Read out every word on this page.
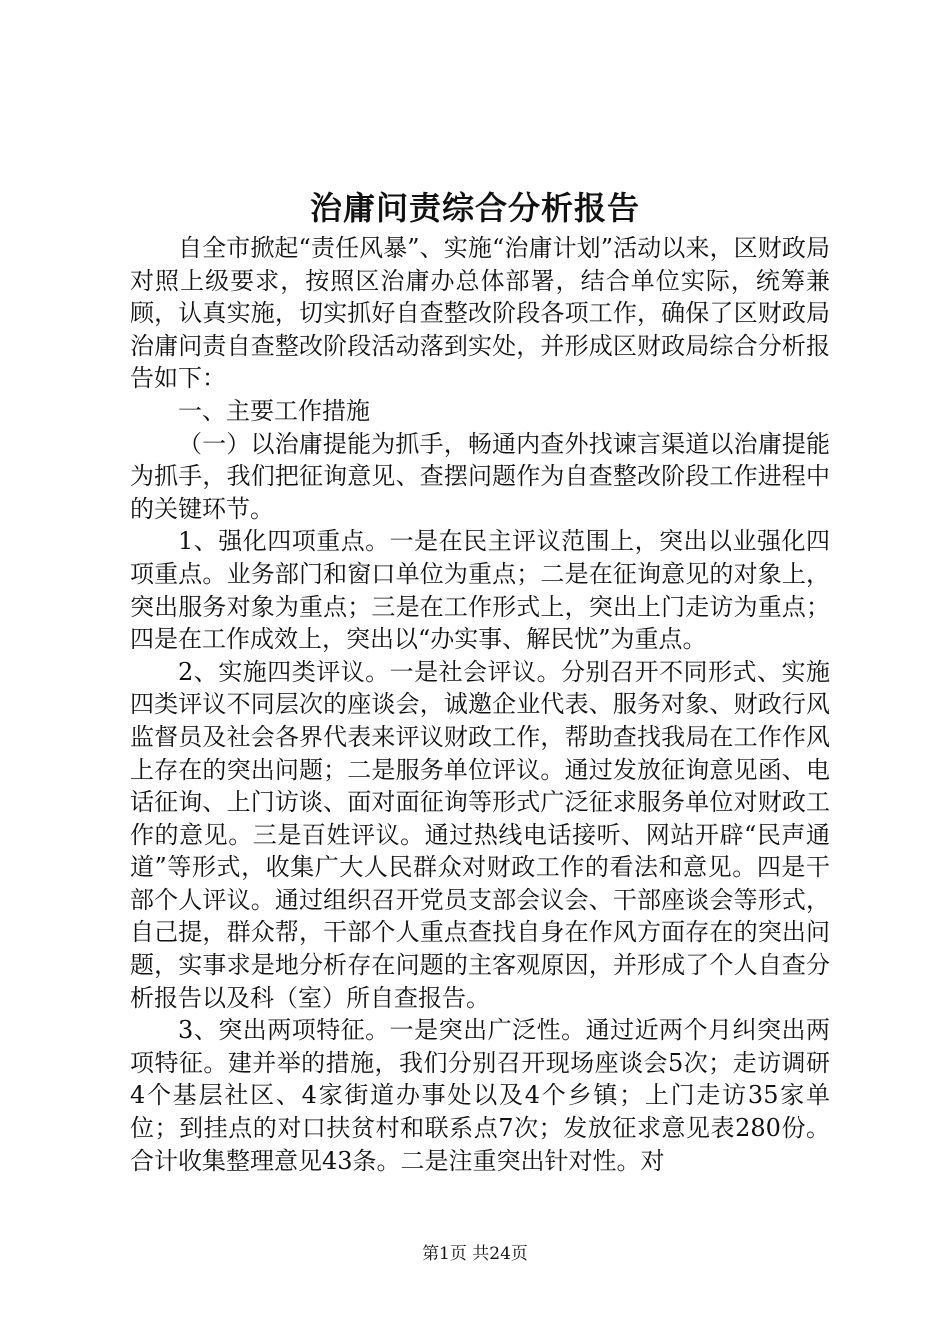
治庸问责综合分析报告

自全市掀起“责任风暴”、实施“治庸计划”活动以来，区财政局对照上级要求，按照区治庸办总体部署，结合单位实际，统筹兼顾，认真实施，切实抓好自查整改阶段各项工作，确保了区财政局治庸问责自查整改阶段活动落到实处，并形成区财政局综合分析报告如下：

一、主要工作措施

（一）以治庸提能为抓手，畅通内查外找谏言渠道以治庸提能为抓手，我们把征询意见、查摆问题作为自查整改阶段工作进程中的关键环节。

1、强化四项重点。一是在民主评议范围上，突出以业强化四项重点。业务部门和窗口单位为重点；二是在征询意见的对象上，突出服务对象为重点；三是在工作形式上，突出上门走访为重点；四是在工作成效上，突出以“办实事、解民忧”为重点。

2、实施四类评议。一是社会评议。分别召开不同形式、实施四类评议不同层次的座谈会，诚邀企业代表、服务对象、财政行风监督员及社会各界代表来评议财政工作，帮助查找我局在工作作风上存在的突出问题；二是服务单位评议。通过发放征询意见函、电话征询、上门访谈、面对面征询等形式广泛征求服务单位对财政工作的意见。三是百姓评议。通过热线电话接听、网站开辟“民声通道”等形式，收集广大人民群众对财政工作的看法和意见。四是干部个人评议。通过组织召开党员支部会议会、干部座谈会等形式，自己提，群众帮，干部个人重点查找自身在作风方面存在的突出问题，实事求是地分析存在问题的主客观原因，并形成了个人自查分析报告以及科（室）所自查报告。

3、突出两项特征。一是突出广泛性。通过近两个月纠突出两项特征。建并举的措施，我们分别召开现场座谈会5次；走访调研4个基层社区、4家街道办事处以及4个乡镇；上门走访35家单位；到挂点的对口扶贫村和联系点7次；发放征求意见表280份。合计收集整理意见43条。二是注重突出针对性。对

第1页 共24页
